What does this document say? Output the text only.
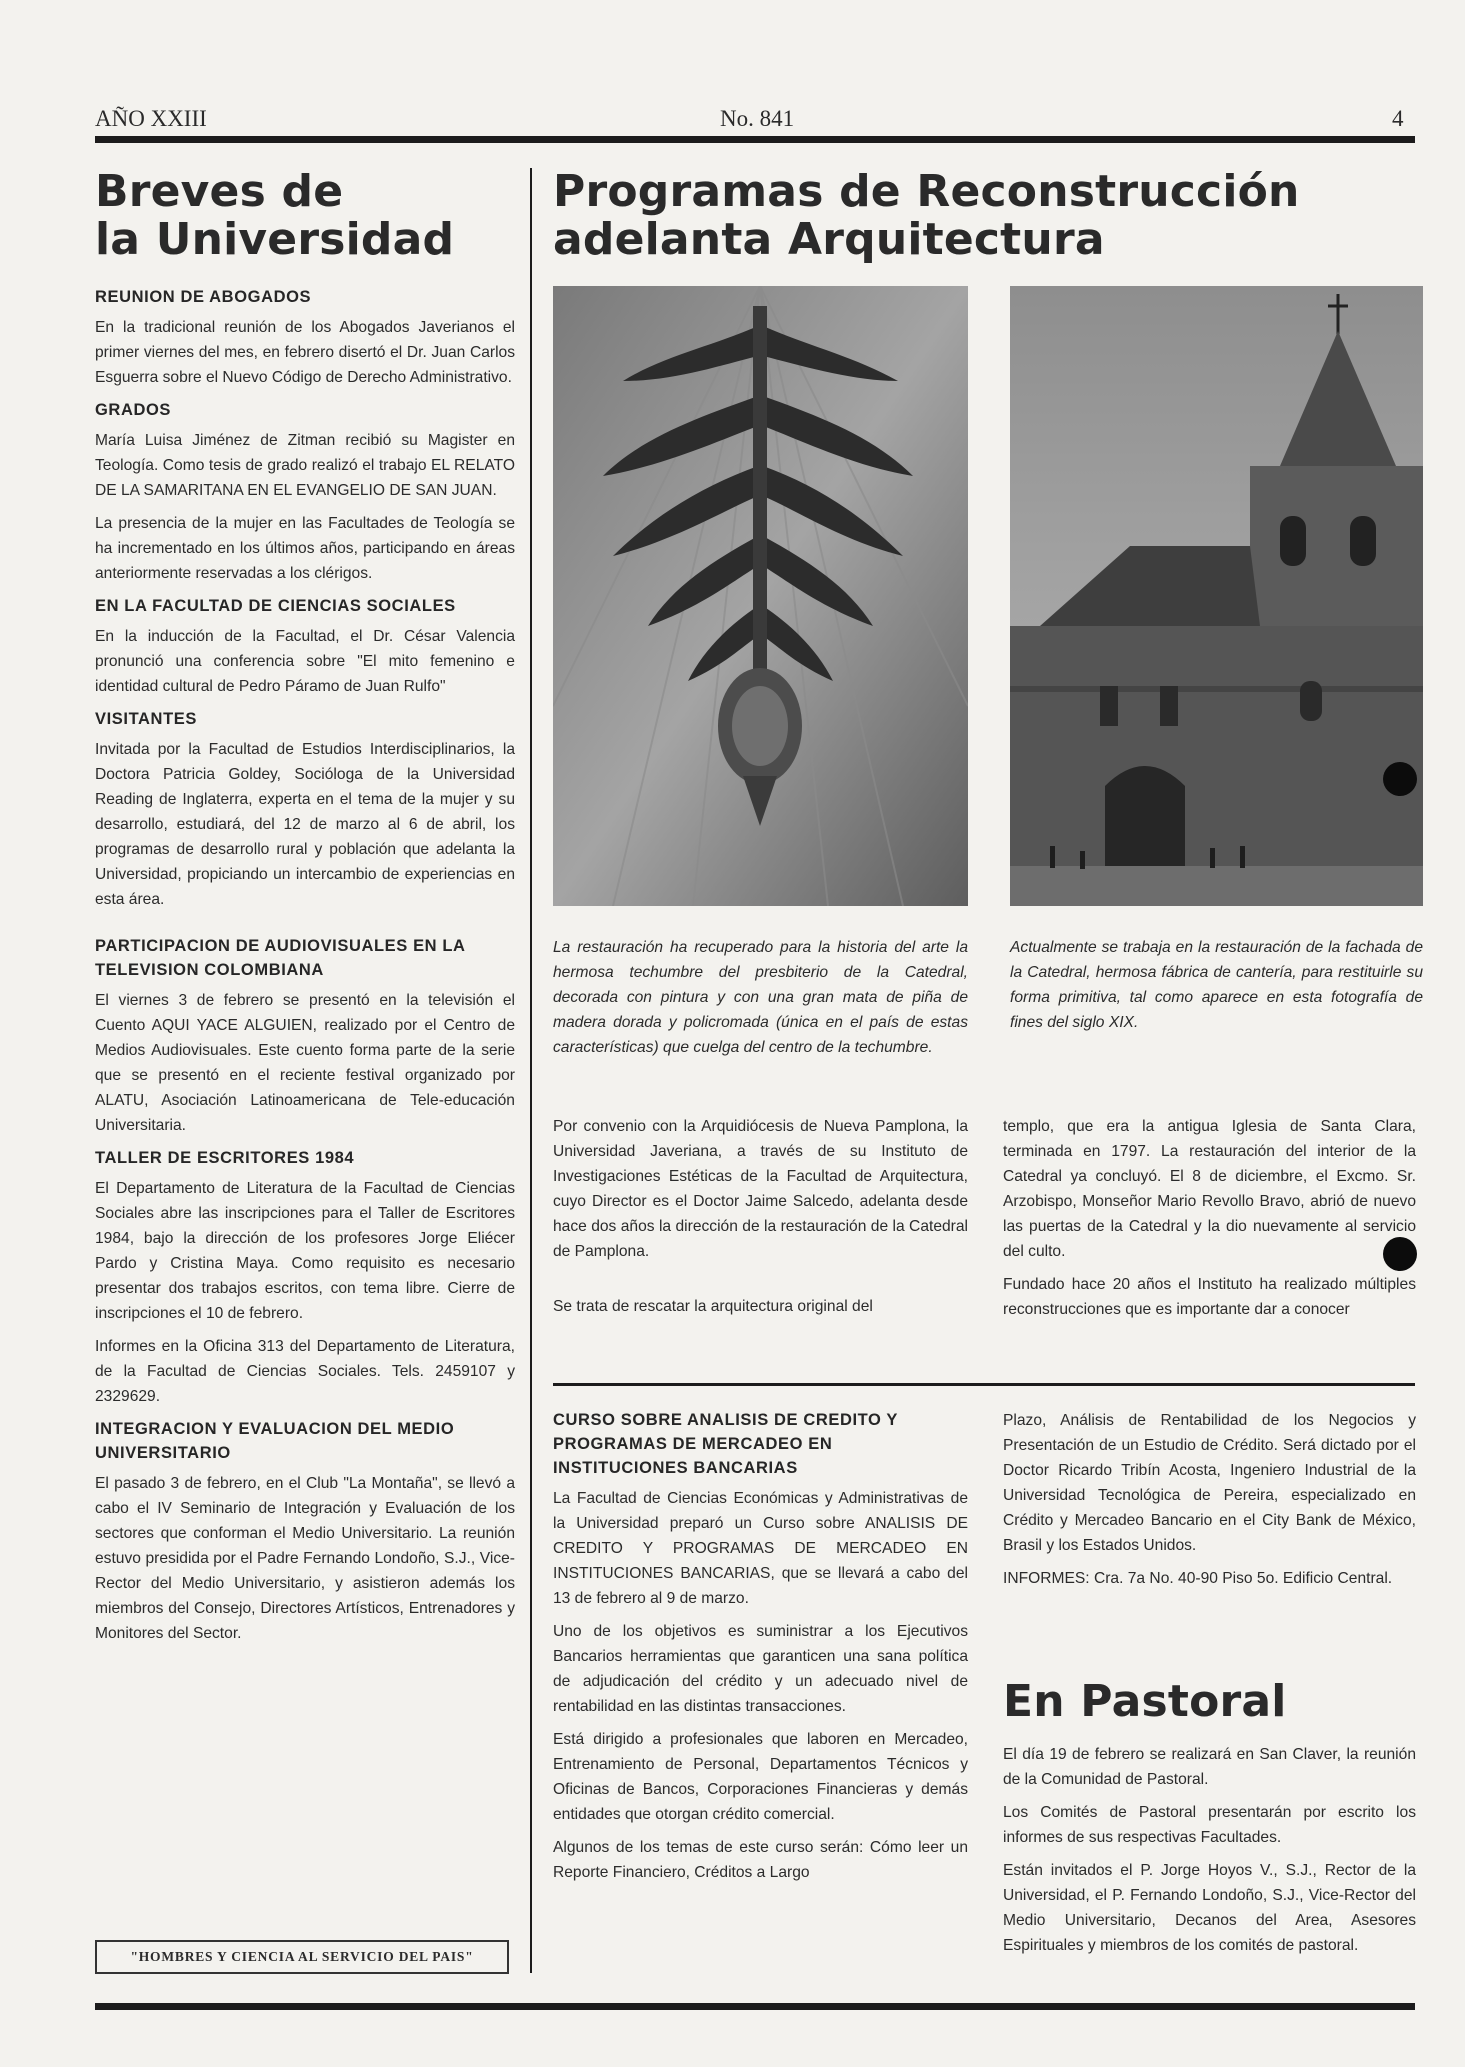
AÑO XXIII	No. 841	4
Breves de
la Universidad
REUNION DE ABOGADOS

En la tradicional reunión de los Abogados Javerianos el primer viernes del mes, en febrero disertó el Dr. Juan Carlos Esguerra sobre el Nuevo Código de Derecho Administrativo.

GRADOS

María Luisa Jiménez de Zitman recibió su Magister en Teología. Como tesis de grado realizó el trabajo EL RELATO DE LA SAMARITANA EN EL EVANGELIO DE SAN JUAN.

La presencia de la mujer en las Facultades de Teología se ha incrementado en los últimos años, participando en áreas anteriormente reservadas a los clérigos.

EN LA FACULTAD DE CIENCIAS SOCIALES

En la inducción de la Facultad, el Dr. César Valencia pronunció una conferencia sobre "El mito femenino e identidad cultural de Pedro Páramo de Juan Rulfo"

VISITANTES

Invitada por la Facultad de Estudios Interdisciplinarios, la Doctora Patricia Goldey, Socióloga de la Universidad Reading de Inglaterra, experta en el tema de la mujer y su desarrollo, estudiará, del 12 de marzo al 6 de abril, los programas de desarrollo rural y población que adelanta la Universidad, propiciando un intercambio de experiencias en esta área.

PARTICIPACION DE AUDIOVISUALES EN LA TELEVISION COLOMBIANA

El viernes 3 de febrero se presentó en la televisión el Cuento AQUI YACE ALGUIEN, realizado por el Centro de Medios Audiovisuales. Este cuento forma parte de la serie que se presentó en el reciente festival organizado por ALATU, Asociación Latinoamericana de Tele-educación Universitaria.

TALLER DE ESCRITORES 1984

El Departamento de Literatura de la Facultad de Ciencias Sociales abre las inscripciones para el Taller de Escritores 1984, bajo la dirección de los profesores Jorge Eliécer Pardo y Cristina Maya. Como requisito es necesario presentar dos trabajos escritos, con tema libre. Cierre de inscripciones el 10 de febrero.

Informes en la Oficina 313 del Departamento de Literatura, de la Facultad de Ciencias Sociales. Tels. 2459107 y 2329629.

INTEGRACION Y EVALUACION DEL MEDIO UNIVERSITARIO

El pasado 3 de febrero, en el Club "La Montaña", se llevó a cabo el IV Seminario de Integración y Evaluación de los sectores que conforman el Medio Universitario. La reunión estuvo presidida por el Padre Fernando Londoño, S.J., Vice-Rector del Medio Universitario, y asistieron además los miembros del Consejo, Directores Artísticos, Entrenadores y Monitores del Sector.

"HOMBRES Y CIENCIA AL SERVICIO DEL PAIS"
Programas de Reconstrucción
adelanta Arquitectura
La restauración ha recuperado para la historia del arte la hermosa techumbre del presbiterio de la Catedral, decorada con pintura y con una gran mata de piña de madera dorada y policromada (única en el país de estas características) que cuelga del centro de la techumbre.
Actualmente se trabaja en la restauración de la fachada de la Catedral, hermosa fábrica de cantería, para restituirle su forma primitiva, tal como aparece en esta fotografía de fines del siglo XIX.

Por convenio con la Arquidiócesis de Nueva Pamplona, la Universidad Javeriana, a través de su Instituto de Investigaciones Estéticas de la Facultad de Arquitectura, cuyo Director es el Doctor Jaime Salcedo, adelanta desde hace dos años la dirección de la restauración de la Catedral de Pamplona.

Se trata de rescatar la arquitectura original del

templo, que era la antigua Iglesia de Santa Clara, terminada en 1797. La restauración del interior de la Catedral ya concluyó. El 8 de diciembre, el Excmo. Sr. Arzobispo, Monseñor Mario Revollo Bravo, abrió de nuevo las puertas de la Catedral y la dio nuevamente al servicio del culto.

Fundado hace 20 años el Instituto ha realizado múltiples reconstrucciones que es importante dar a conocer

CURSO SOBRE ANALISIS DE CREDITO Y PROGRAMAS DE MERCADEO EN INSTITUCIONES BANCARIAS

La Facultad de Ciencias Económicas y Administrativas de la Universidad preparó un Curso sobre ANALISIS DE CREDITO Y PROGRAMAS DE MERCADEO EN INSTITUCIONES BANCARIAS, que se llevará a cabo del 13 de febrero al 9 de marzo.

Uno de los objetivos es suministrar a los Ejecutivos Bancarios herramientas que garanticen una sana política de adjudicación del crédito y un adecuado nivel de rentabilidad en las distintas transacciones.

Está dirigido a profesionales que laboren en Mercadeo, Entrenamiento de Personal, Departamentos Técnicos y Oficinas de Bancos, Corporaciones Financieras y demás entidades que otorgan crédito comercial.

Algunos de los temas de este curso serán: Cómo leer un Reporte Financiero, Créditos a Largo

Plazo, Análisis de Rentabilidad de los Negocios y Presentación de un Estudio de Crédito. Será dictado por el Doctor Ricardo Tribín Acosta, Ingeniero Industrial de la Universidad Tecnológica de Pereira, especializado en Crédito y Mercadeo Bancario en el City Bank de México, Brasil y los Estados Unidos.

INFORMES: Cra. 7a No. 40-90 Piso 5o. Edificio Central.

En Pastoral

El día 19 de febrero se realizará en San Claver, la reunión de la Comunidad de Pastoral.

Los Comités de Pastoral presentarán por escrito los informes de sus respectivas Facultades.

Están invitados el P. Jorge Hoyos V., S.J., Rector de la Universidad, el P. Fernando Londoño, S.J., Vice-Rector del Medio Universitario, Decanos del Area, Asesores Espirituales y miembros de los comités de pastoral.
